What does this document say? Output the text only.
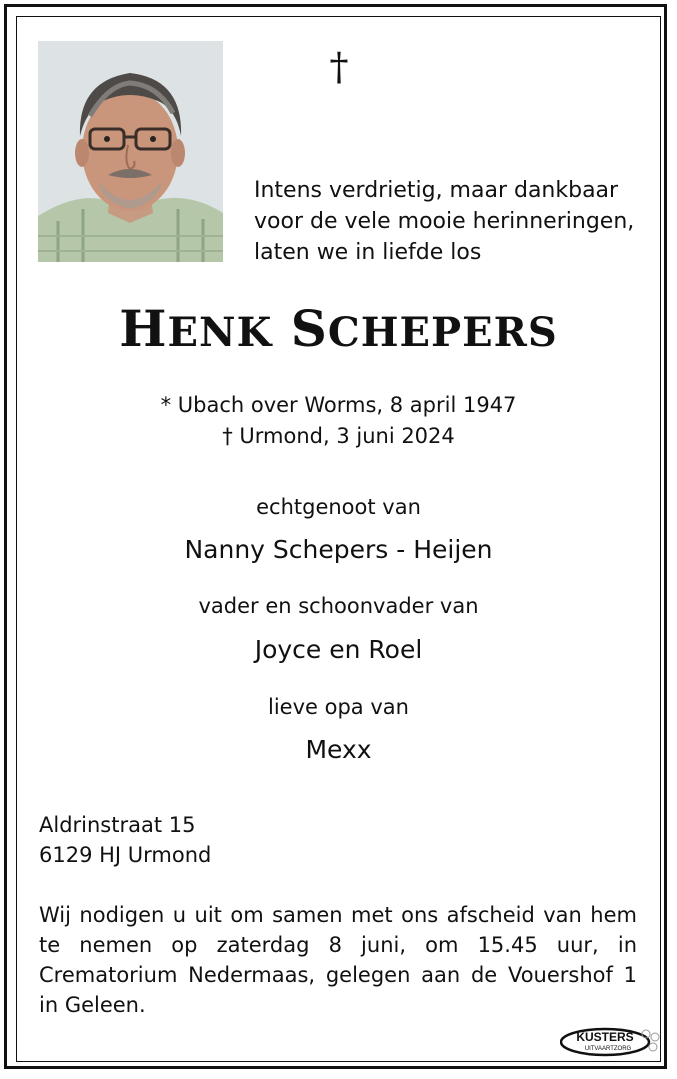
†
Intens verdrietig, maar dankbaar
voor de vele mooie herinneringen,
laten we in liefde los
HENK SCHEPERS
* Ubach over Worms, 8 april 1947
† Urmond, 3 juni 2024
echtgenoot van
Nanny Schepers - Heijen
vader en schoonvader van
Joyce en Roel
lieve opa van
Mexx
Aldrinstraat 15
6129 HJ Urmond
Wij nodigen u uit om samen met ons afscheid van hem te nemen op zaterdag 8 juni, om 15.45 uur, in Crematorium Nedermaas, gelegen aan de Vouershof 1 in Geleen.
KUSTERS
UITVAARTZORG
